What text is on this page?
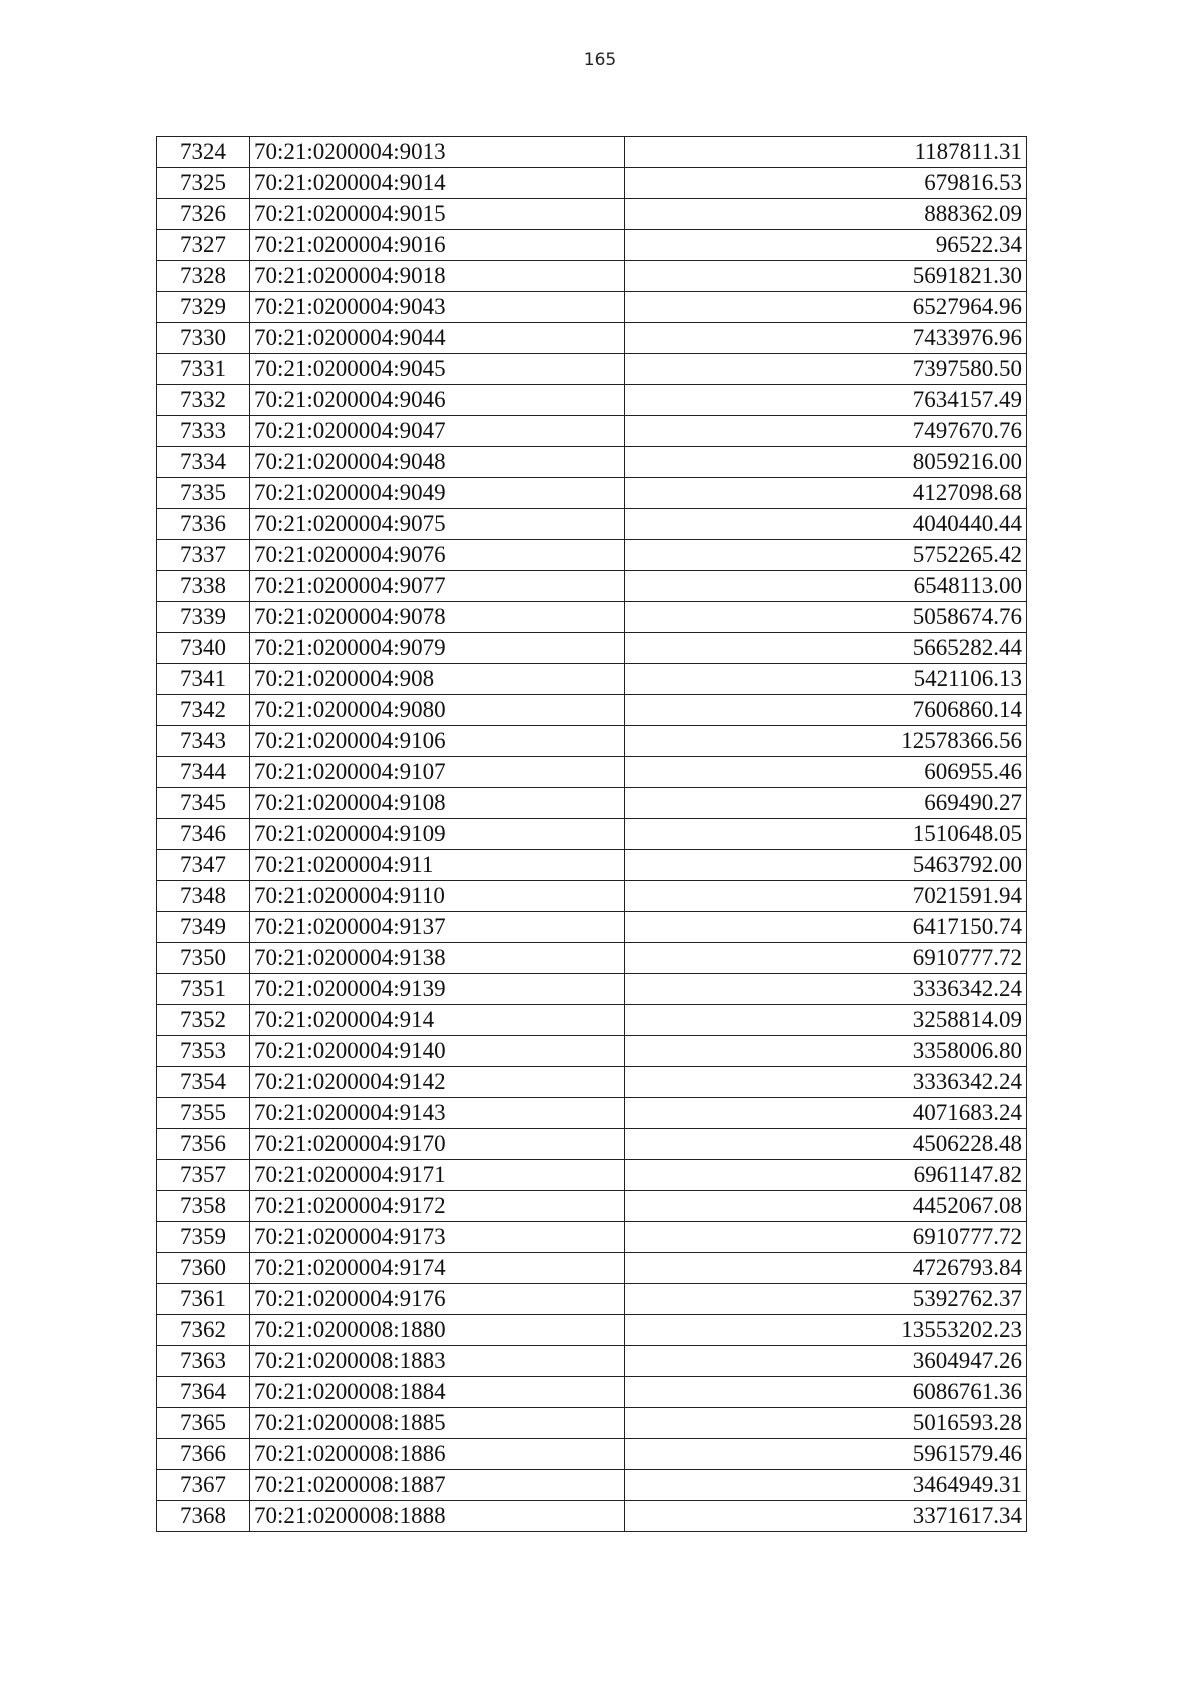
165
7324	70:21:0200004:9013	1187811.31
7325	70:21:0200004:9014	679816.53
7326	70:21:0200004:9015	888362.09
7327	70:21:0200004:9016	96522.34
7328	70:21:0200004:9018	5691821.30
7329	70:21:0200004:9043	6527964.96
7330	70:21:0200004:9044	7433976.96
7331	70:21:0200004:9045	7397580.50
7332	70:21:0200004:9046	7634157.49
7333	70:21:0200004:9047	7497670.76
7334	70:21:0200004:9048	8059216.00
7335	70:21:0200004:9049	4127098.68
7336	70:21:0200004:9075	4040440.44
7337	70:21:0200004:9076	5752265.42
7338	70:21:0200004:9077	6548113.00
7339	70:21:0200004:9078	5058674.76
7340	70:21:0200004:9079	5665282.44
7341	70:21:0200004:908	5421106.13
7342	70:21:0200004:9080	7606860.14
7343	70:21:0200004:9106	12578366.56
7344	70:21:0200004:9107	606955.46
7345	70:21:0200004:9108	669490.27
7346	70:21:0200004:9109	1510648.05
7347	70:21:0200004:911	5463792.00
7348	70:21:0200004:9110	7021591.94
7349	70:21:0200004:9137	6417150.74
7350	70:21:0200004:9138	6910777.72
7351	70:21:0200004:9139	3336342.24
7352	70:21:0200004:914	3258814.09
7353	70:21:0200004:9140	3358006.80
7354	70:21:0200004:9142	3336342.24
7355	70:21:0200004:9143	4071683.24
7356	70:21:0200004:9170	4506228.48
7357	70:21:0200004:9171	6961147.82
7358	70:21:0200004:9172	4452067.08
7359	70:21:0200004:9173	6910777.72
7360	70:21:0200004:9174	4726793.84
7361	70:21:0200004:9176	5392762.37
7362	70:21:0200008:1880	13553202.23
7363	70:21:0200008:1883	3604947.26
7364	70:21:0200008:1884	6086761.36
7365	70:21:0200008:1885	5016593.28
7366	70:21:0200008:1886	5961579.46
7367	70:21:0200008:1887	3464949.31
7368	70:21:0200008:1888	3371617.34
